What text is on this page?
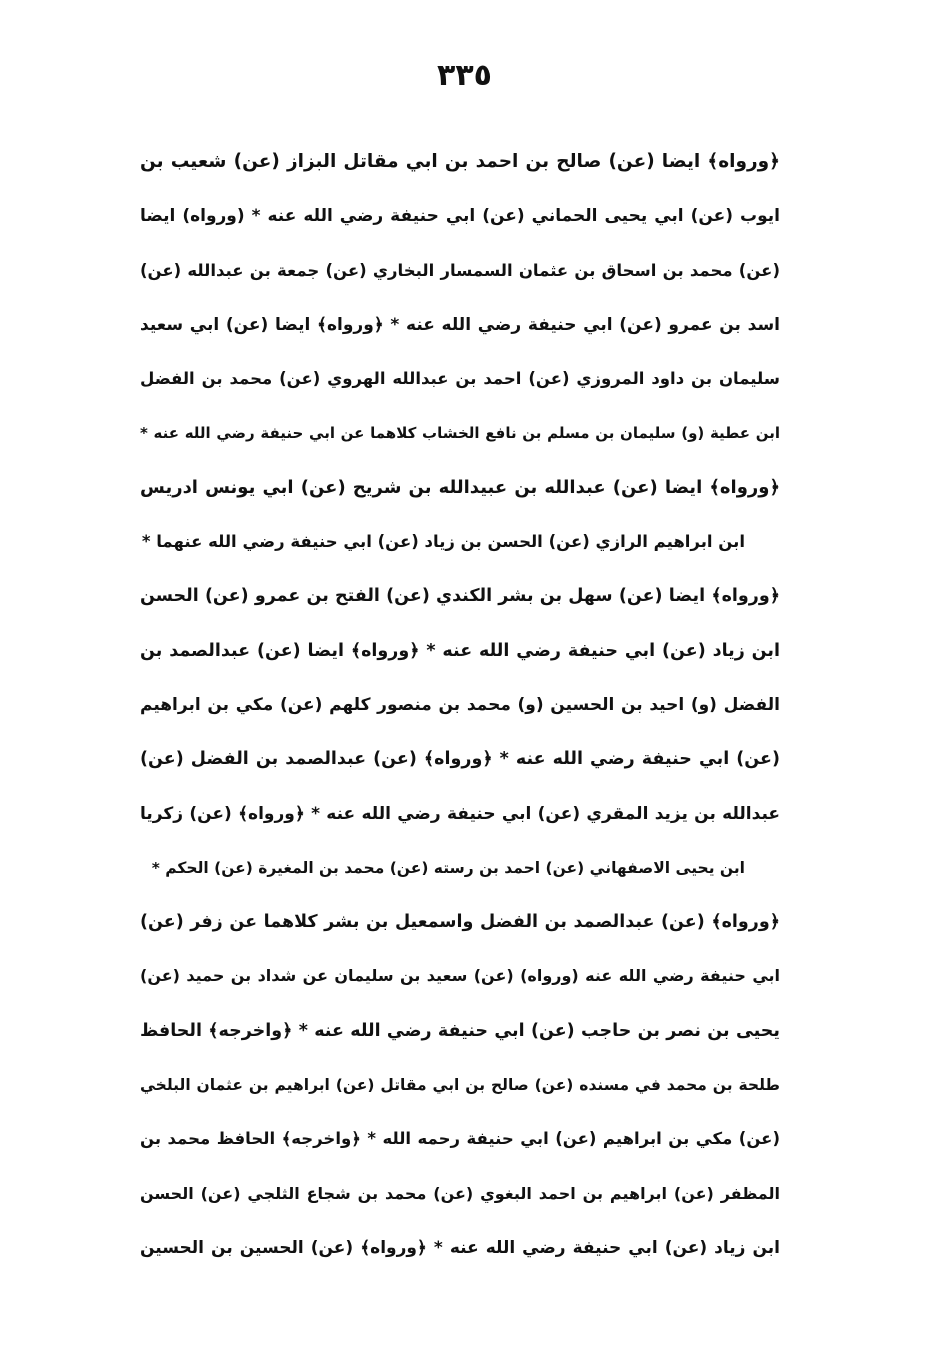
٣٣٥
﴿ورواه﴾ ايضا (عن) صالح بن احمد بن ابي مقاتل البزاز (عن) شعيب بن
ايوب (عن) ابي يحيى الحماني (عن) ابي حنيفة رضي الله عنه * (ورواه) ايضا
(عن) محمد بن اسحاق بن عثمان السمسار البخاري (عن) جمعة بن عبدالله (عن)
اسد بن عمرو (عن) ابي حنيفة رضي الله عنه * ﴿ورواه﴾ ايضا (عن) ابي سعيد
سليمان بن داود المروزي (عن) احمد بن عبدالله الهروي (عن) محمد بن الفضل
ابن عطية (و) سليمان بن مسلم بن نافع الخشاب كلاهما عن ابي حنيفة رضي الله عنه *
﴿ورواه﴾ ايضا (عن) عبدالله بن عبيدالله بن شريح (عن) ابي يونس ادريس
ابن ابراهيم الرازي (عن) الحسن بن زياد (عن) ابي حنيفة رضي الله عنهما *
﴿ورواه﴾ ايضا (عن) سهل بن بشر الكندي (عن) الفتح بن عمرو (عن) الحسن
ابن زياد (عن) ابي حنيفة رضي الله عنه * ﴿ورواه﴾ ايضا (عن) عبدالصمد بن
الفضل (و) احيد بن الحسين (و) محمد بن منصور كلهم (عن) مكي بن ابراهيم
(عن) ابي حنيفة رضي الله عنه * ﴿ورواه﴾ (عن) عبدالصمد بن الفضل (عن)
عبدالله بن يزيد المقري (عن) ابي حنيفة رضي الله عنه * ﴿ورواه﴾ (عن) زكريا
ابن يحيى الاصفهاني (عن) احمد بن رسته (عن) محمد بن المغيرة (عن) الحكم *
﴿ورواه﴾ (عن) عبدالصمد بن الفضل واسمعيل بن بشر كلاهما عن زفر (عن)
ابي حنيفة رضي الله عنه (ورواه) (عن) سعيد بن سليمان عن شداد بن حميد (عن)
يحيى بن نصر بن حاجب (عن) ابي حنيفة رضي الله عنه * ﴿واخرجه﴾ الحافظ
طلحة بن محمد في مسنده (عن) صالح بن ابي مقاتل (عن) ابراهيم بن عثمان البلخي
(عن) مكي بن ابراهيم (عن) ابي حنيفة رحمه الله * ﴿واخرجه﴾ الحافظ محمد بن
المظفر (عن) ابراهيم بن احمد البغوي (عن) محمد بن شجاع الثلجي (عن) الحسن
ابن زياد (عن) ابي حنيفة رضي الله عنه * ﴿ورواه﴾ (عن) الحسين بن الحسين
